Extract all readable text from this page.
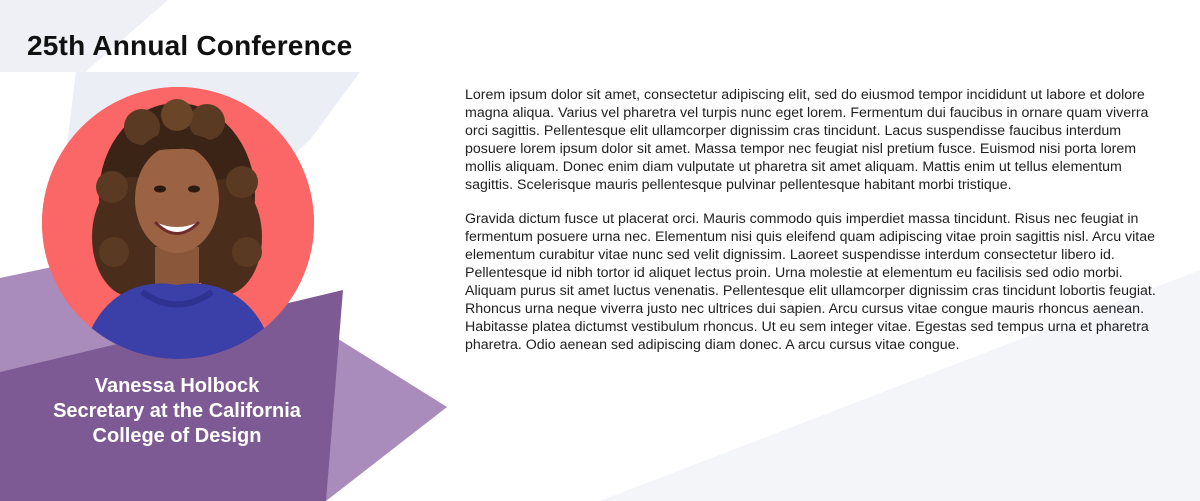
25th Annual Conference
Vanessa Holbock
Secretary at the California
College of Design

Lorem ipsum dolor sit amet, consectetur adipiscing elit, sed do eiusmod tempor incididunt ut labore et dolore magna aliqua. Varius vel pharetra vel turpis nunc eget lorem. Fermentum dui faucibus in ornare quam viverra orci sagittis. Pellentesque elit ullamcorper dignissim cras tincidunt. Lacus suspendisse faucibus interdum posuere lorem ipsum dolor sit amet. Massa tempor nec feugiat nisl pretium fusce. Euismod nisi porta lorem mollis aliquam. Donec enim diam vulputate ut pharetra sit amet aliquam. Mattis enim ut tellus elementum sagittis. Scelerisque mauris pellentesque pulvinar pellentesque habitant morbi tristique.

Gravida dictum fusce ut placerat orci. Mauris commodo quis imperdiet massa tincidunt. Risus nec feugiat in fermentum posuere urna nec. Elementum nisi quis eleifend quam adipiscing vitae proin sagittis nisl. Arcu vitae elementum curabitur vitae nunc sed velit dignissim. Laoreet suspendisse interdum consectetur libero id. Pellentesque id nibh tortor id aliquet lectus proin. Urna molestie at elementum eu facilisis sed odio morbi. Aliquam purus sit amet luctus venenatis. Pellentesque elit ullamcorper dignissim cras tincidunt lobortis feugiat. Rhoncus urna neque viverra justo nec ultrices dui sapien. Arcu cursus vitae congue mauris rhoncus aenean. Habitasse platea dictumst vestibulum rhoncus. Ut eu sem integer vitae. Egestas sed tempus urna et pharetra pharetra. Odio aenean sed adipiscing diam donec. A arcu cursus vitae congue.
